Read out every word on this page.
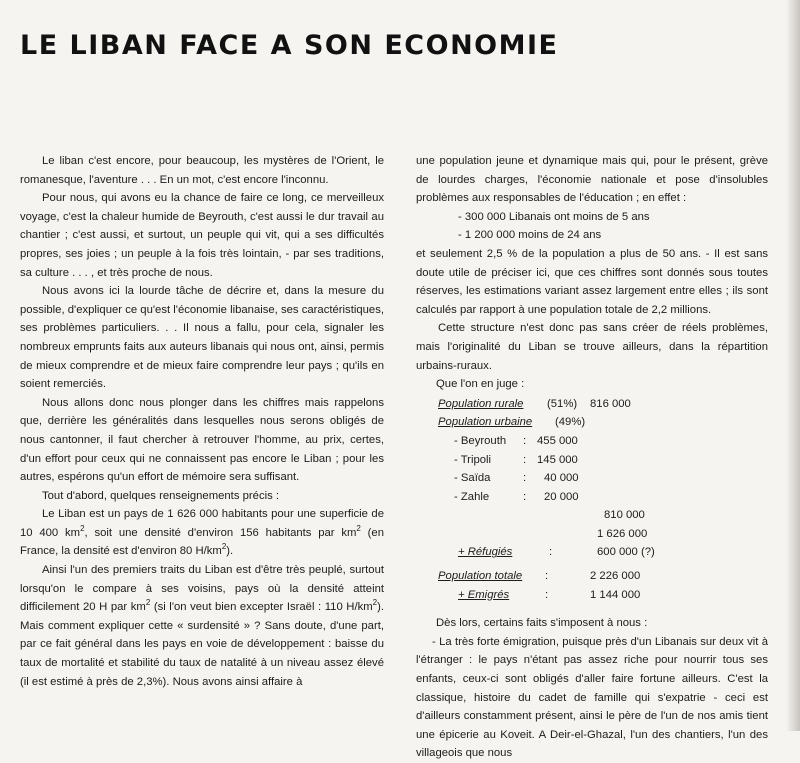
LE LIBAN FACE A SON ECONOMIE

Le liban c'est encore, pour beaucoup, les mystères de l'Orient, le romanesque, l'aventure . . . En un mot, c'est encore l'inconnu.

Pour nous, qui avons eu la chance de faire ce long, ce merveilleux voyage, c'est la chaleur humide de Beyrouth, c'est aussi le dur travail au chantier ; c'est aussi, et surtout, un peuple qui vit, qui a ses difficultés propres, ses joies ; un peuple à la fois très lointain, - par ses traditions, sa culture . . . , et très proche de nous.

Nous avons ici la lourde tâche de décrire et, dans la mesure du possible, d'expliquer ce qu'est l'économie libanaise, ses caractéristiques, ses problèmes particuliers. . . Il nous a fallu, pour cela, signaler les nombreux emprunts faits aux auteurs libanais qui nous ont, ainsi, permis de mieux comprendre et de mieux faire comprendre leur pays ; qu'ils en soient remerciés.

Nous allons donc nous plonger dans les chiffres mais rappelons que, derrière les généralités dans lesquelles nous serons obligés de nous cantonner, il faut chercher à retrouver l'homme, au prix, certes, d'un effort pour ceux qui ne connaissent pas encore le Liban ; pour les autres, espérons qu'un effort de mémoire sera suffisant.

Tout d'abord, quelques renseignements précis :

Le Liban est un pays de 1 626 000 habitants pour une superficie de 10 400 $km^2$, soit une densité d'environ 156 habitants par $km^2$ (en France, la densité est d'environ 80 $H/km^2$).

Ainsi l'un des premiers traits du Liban est d'être très peuplé, surtout lorsqu'on le compare à ses voisins, pays où la densité atteint difficilement 20 H par $km^2$ (si l'on veut bien excepter Israël : 110 $H/km^2$). Mais comment expliquer cette « surdensité » ? Sans doute, d'une part, par ce fait général dans les pays en voie de développement : baisse du taux de mortalité et stabilité du taux de natalité à un niveau assez élevé (il est estimé à près de 2,3%). Nous avons ainsi affaire à

une population jeune et dynamique mais qui, pour le présent, grève de lourdes charges, l'économie nationale et pose d'insolubles problèmes aux responsables de l'éducation ; en effet :

- 300 000 Libanais ont moins de 5 ans

- 1 200 000 moins de 24 ans

et seulement 2,5 % de la population a plus de 50 ans. - Il est sans doute utile de préciser ici, que ces chiffres sont donnés sous toutes réserves, les estimations variant assez largement entre elles ; ils sont calculés par rapport à une population totale de 2,2 millions.

Cette structure n'est donc pas sans créer de réels problèmes, mais l'originalité du Liban se trouve ailleurs, dans la répartition urbains-ruraux.

Que l'on en juge :

Population rurale (51%) 816 000
Population urbaine (49%)
- Beyrouth : 455 000
- Tripoli	: 145 000
- Saïda	: 40 000
- Zahle	: 20 000
810 000
1 626 000
+ Réfugiés	:	600 000 (?)
Population totale :	2 226 000
+ Emigrés	:	1 144 000

Dès lors, certains faits s'imposent à nous :

- La très forte émigration, puisque près d'un Libanais sur deux vit à l'étranger : le pays n'étant pas assez riche pour nourrir tous ses enfants, ceux-ci sont obligés d'aller faire fortune ailleurs. C'est la classique, histoire du cadet de famille qui s'expatrie - ceci est d'ailleurs constamment présent, ainsi le père de l'un de nos amis tient une épicerie au Koveit. A Deir-el-Ghazal, l'un des chantiers, l'un des villageois que nous
